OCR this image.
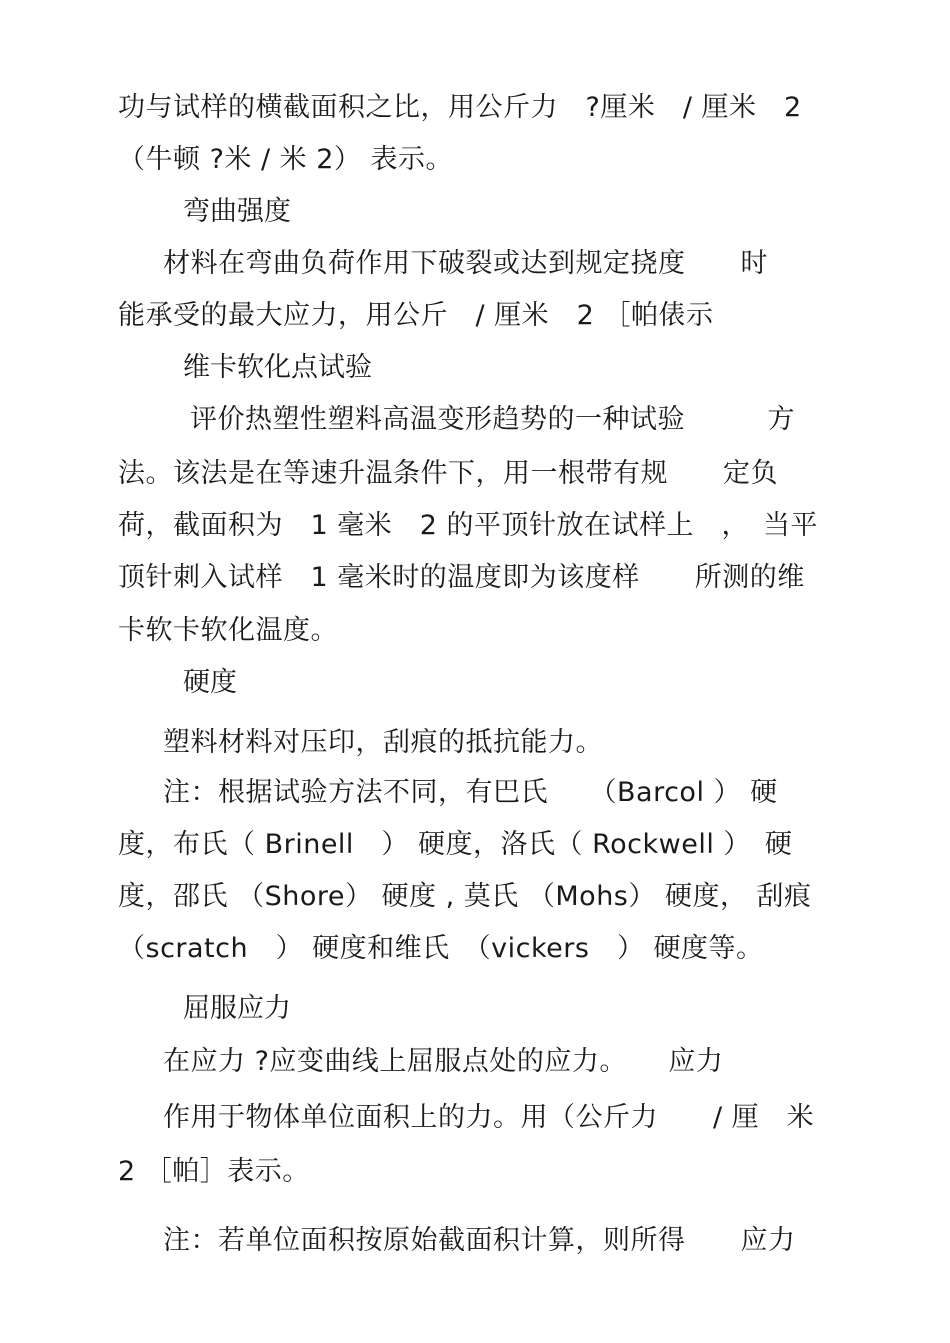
功与试样的横截面积之比，用公斤力　?厘米　/ 厘米　2
（牛顿 ?米 / 米 2） 表示。
弯曲强度
材料在弯曲负荷作用下破裂或达到规定挠度　　时
能承受的最大应力，用公斤　/ 厘米　2 ［帕俵示
维卡软化点试验
评价热塑性塑料高温变形趋势的一种试验　　　方
法。该法是在等速升温条件下，用一根带有规　　定负
荷，截面积为　1 毫米　2 的平顶针放在试样上　，　当平
顶针刺入试样　1 毫米时的温度即为该度样　　所测的维
卡软卡软化温度。
硬度
塑料材料对压印，刮痕的抵抗能力。
注：根据试验方法不同，有巴氏　　（Barcol ） 硬
度，布氏（ Brinell　） 硬度，洛氏（ Rockwell ）　硬
度，邵氏 （Shore） 硬度 , 莫氏 （Mohs） 硬度， 刮痕
（scratch　） 硬度和维氏　（vickers　） 硬度等。
屈服应力
在应力 ?应变曲线上屈服点处的应力。　　应力
作用于物体单位面积上的力。用（公斤力　　/ 厘　米
2 ［帕］表示。
注：若单位面积按原始截面积计算，则所得　　应力
